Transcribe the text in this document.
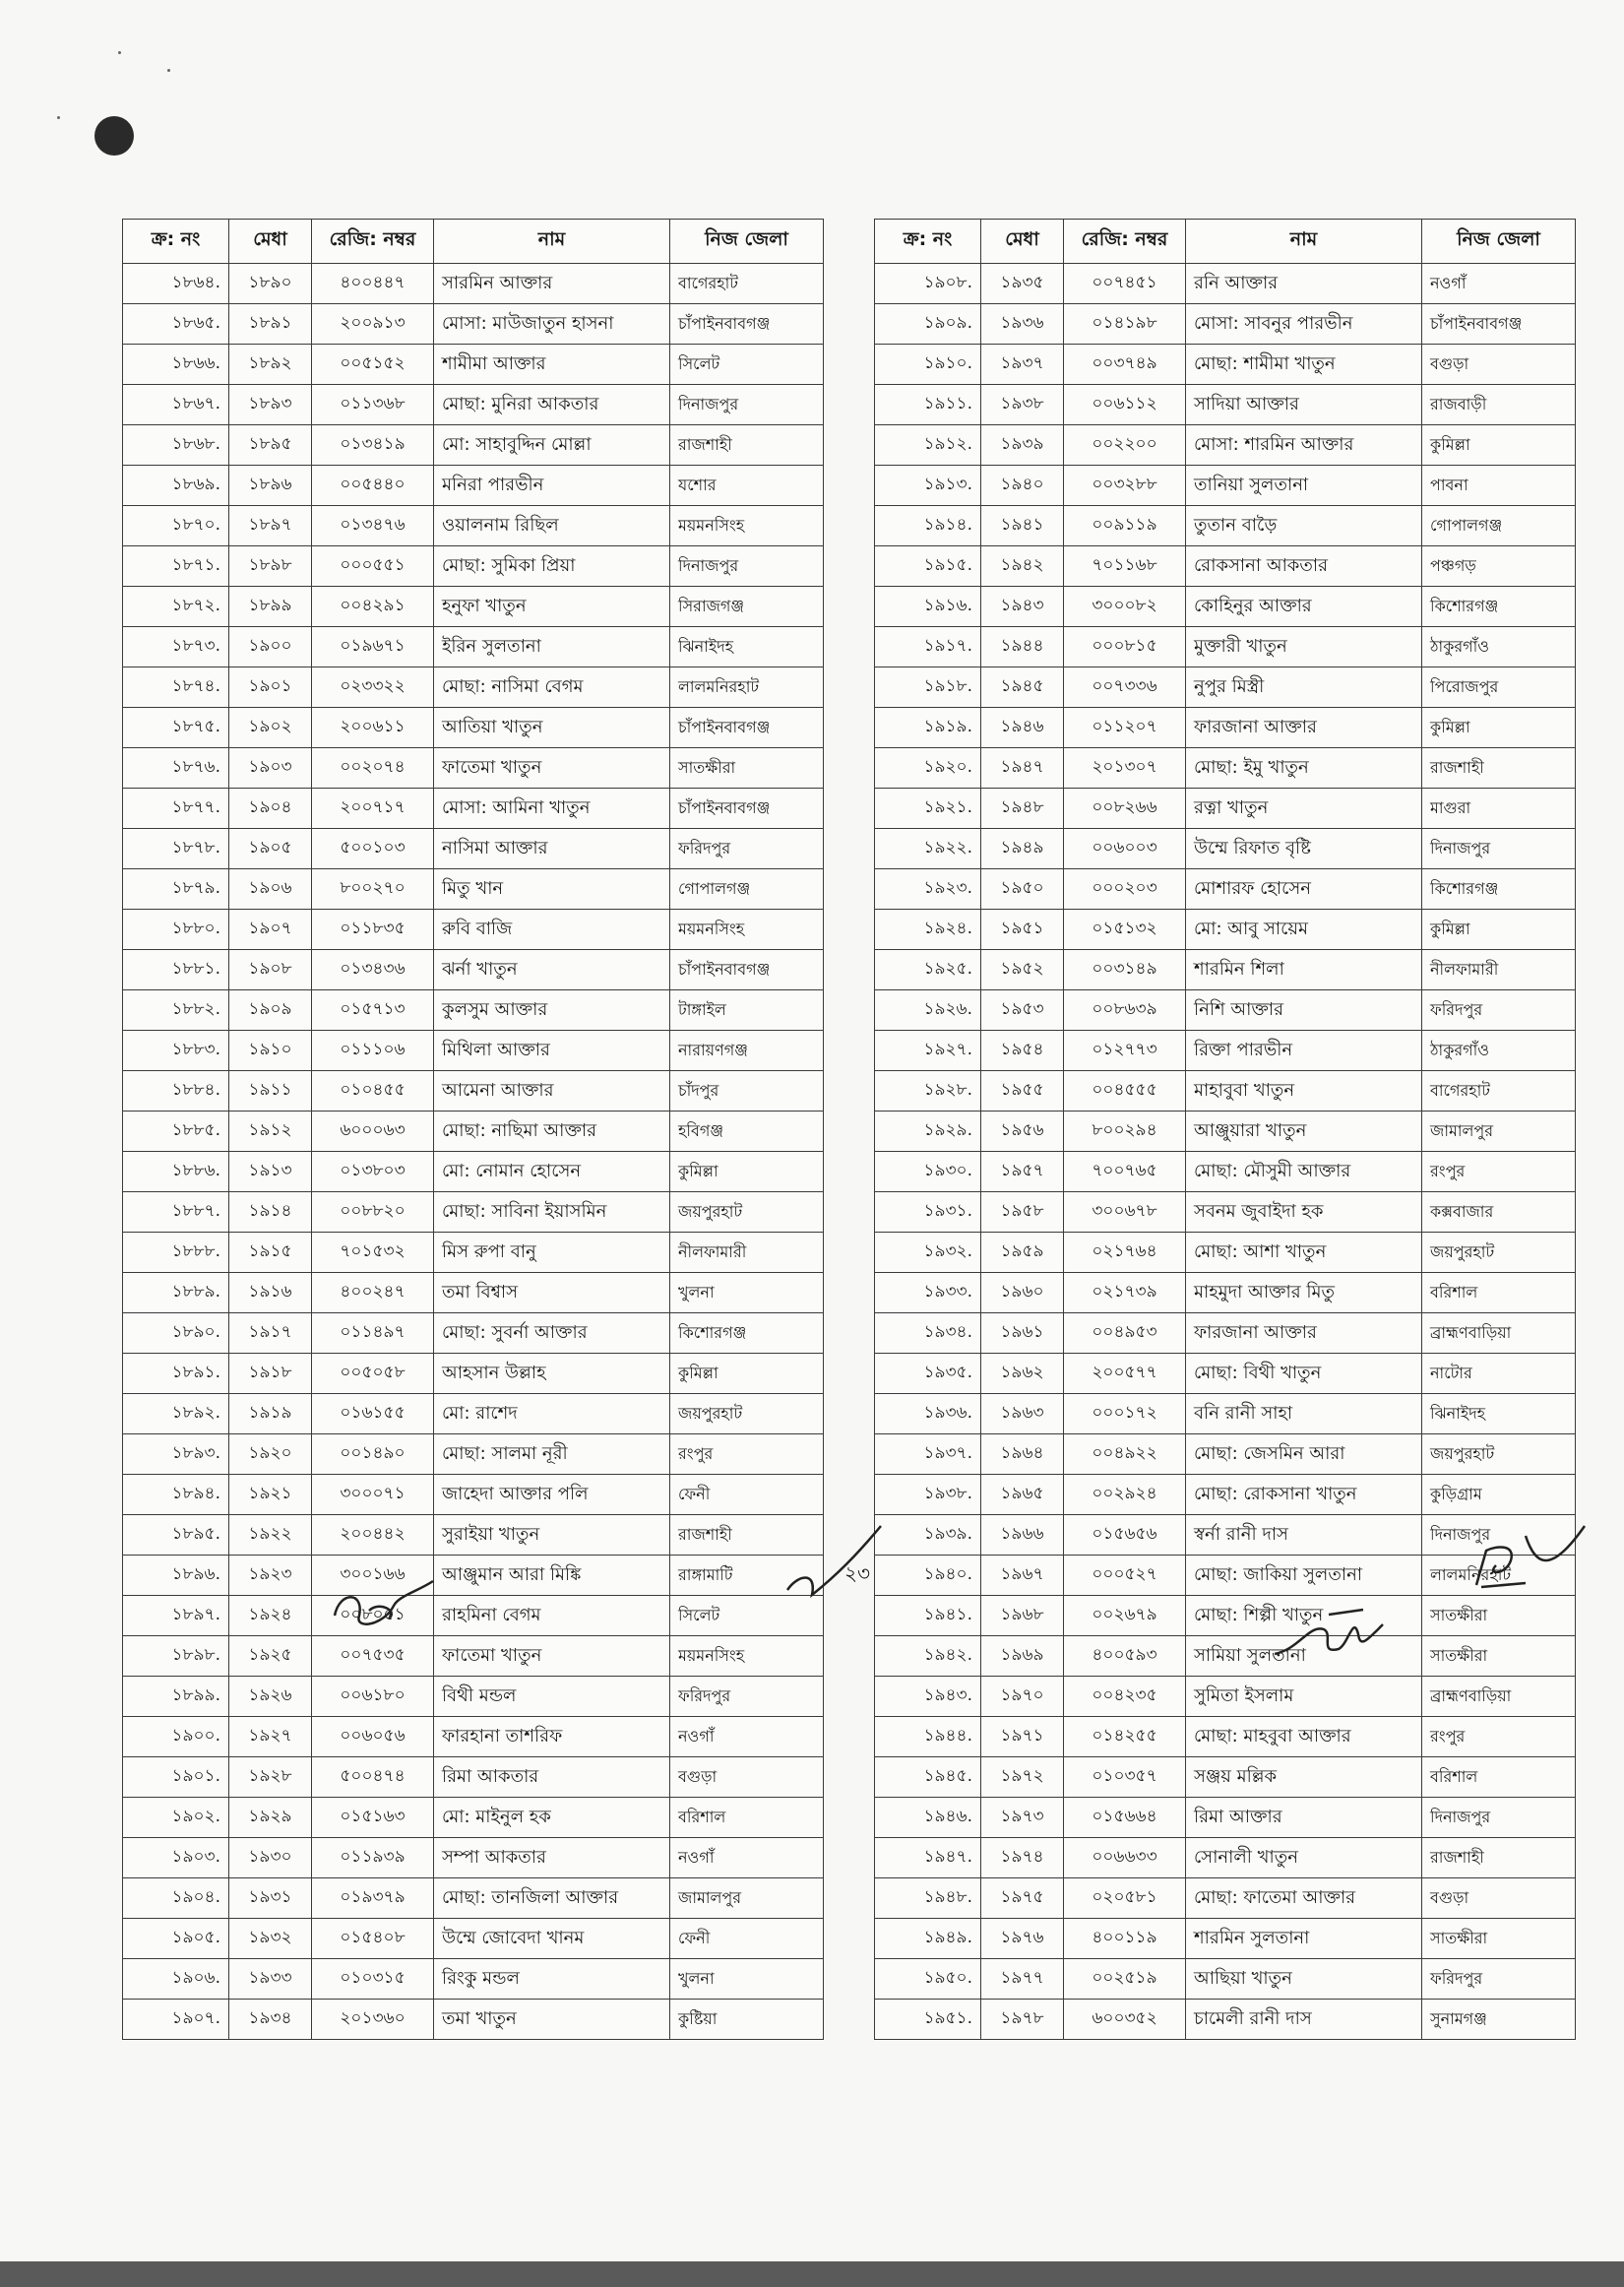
ক্র: নং	মেধা	রেজি: নম্বর	নাম	নিজ জেলা
১৮৬৪.	১৮৯০	৪০০৪৪৭	সারমিন আক্তার	বাগেরহাট
১৮৬৫.	১৮৯১	২০০৯১৩	মোসা: মাউজাতুন হাসনা	চাঁপাইনবাবগঞ্জ
১৮৬৬.	১৮৯২	০০৫১৫২	শামীমা আক্তার	সিলেট
১৮৬৭.	১৮৯৩	০১১৩৬৮	মোছা: মুনিরা আকতার	দিনাজপুর
১৮৬৮.	১৮৯৫	০১৩৪১৯	মো: সাহাবুদ্দিন মোল্লা	রাজশাহী
১৮৬৯.	১৮৯৬	০০৫৪৪০	মনিরা পারভীন	যশোর
১৮৭০.	১৮৯৭	০১৩৪৭৬	ওয়ালনাম রিছিল	ময়মনসিংহ
১৮৭১.	১৮৯৮	০০০৫৫১	মোছা: সুমিকা প্রিয়া	দিনাজপুর
১৮৭২.	১৮৯৯	০০৪২৯১	হনুফা খাতুন	সিরাজগঞ্জ
১৮৭৩.	১৯০০	০১৯৬৭১	ইরিন সুলতানা	ঝিনাইদহ
১৮৭৪.	১৯০১	০২৩৩২২	মোছা: নাসিমা বেগম	লালমনিরহাট
১৮৭৫.	১৯০২	২০০৬১১	আতিয়া খাতুন	চাঁপাইনবাবগঞ্জ
১৮৭৬.	১৯০৩	০০২০৭৪	ফাতেমা খাতুন	সাতক্ষীরা
১৮৭৭.	১৯০৪	২০০৭১৭	মোসা: আমিনা খাতুন	চাঁপাইনবাবগঞ্জ
১৮৭৮.	১৯০৫	৫০০১০৩	নাসিমা আক্তার	ফরিদপুর
১৮৭৯.	১৯০৬	৮০০২৭০	মিতু খান	গোপালগঞ্জ
১৮৮০.	১৯০৭	০১১৮৩৫	রুবি বাজি	ময়মনসিংহ
১৮৮১.	১৯০৮	০১৩৪৩৬	ঝর্না খাতুন	চাঁপাইনবাবগঞ্জ
১৮৮২.	১৯০৯	০১৫৭১৩	কুলসুম আক্তার	টাঙ্গাইল
১৮৮৩.	১৯১০	০১১১০৬	মিথিলা আক্তার	নারায়ণগঞ্জ
১৮৮৪.	১৯১১	০১০৪৫৫	আমেনা আক্তার	চাঁদপুর
১৮৮৫.	১৯১২	৬০০০৬৩	মোছা: নাছিমা আক্তার	হবিগঞ্জ
১৮৮৬.	১৯১৩	০১৩৮০৩	মো: নোমান হোসেন	কুমিল্লা
১৮৮৭.	১৯১৪	০০৮৮২০	মোছা: সাবিনা ইয়াসমিন	জয়পুরহাট
১৮৮৮.	১৯১৫	৭০১৫৩২	মিস রুপা বানু	নীলফামারী
১৮৮৯.	১৯১৬	৪০০২৪৭	তমা বিশ্বাস	খুলনা
১৮৯০.	১৯১৭	০১১৪৯৭	মোছা: সুবর্না আক্তার	কিশোরগঞ্জ
১৮৯১.	১৯১৮	০০৫০৫৮	আহসান উল্লাহ	কুমিল্লা
১৮৯২.	১৯১৯	০১৬১৫৫	মো: রাশেদ	জয়পুরহাট
১৮৯৩.	১৯২০	০০১৪৯০	মোছা: সালমা নূরী	রংপুর
১৮৯৪.	১৯২১	৩০০০৭১	জাহেদা আক্তার পলি	ফেনী
১৮৯৫.	১৯২২	২০০৪৪২	সুরাইয়া খাতুন	রাজশাহী
১৮৯৬.	১৯২৩	৩০০১৬৬	আঞ্জুমান আরা মিঙ্কি	রাঙ্গামাটি
১৮৯৭.	১৯২৪	০০৮০৫১	রাহমিনা বেগম	সিলেট
১৮৯৮.	১৯২৫	০০৭৫৩৫	ফাতেমা খাতুন	ময়মনসিংহ
১৮৯৯.	১৯২৬	০০৬১৮০	বিথী মন্ডল	ফরিদপুর
১৯০০.	১৯২৭	০০৬০৫৬	ফারহানা তাশরিফ	নওগাঁ
১৯০১.	১৯২৮	৫০০৪৭৪	রিমা আকতার	বগুড়া
১৯০২.	১৯২৯	০১৫১৬৩	মো: মাইনুল হক	বরিশাল
১৯০৩.	১৯৩০	০১১৯৩৯	সম্পা আকতার	নওগাঁ
১৯০৪.	১৯৩১	০১৯৩৭৯	মোছা: তানজিলা আক্তার	জামালপুর
১৯০৫.	১৯৩২	০১৫৪০৮	উম্মে জোবেদা খানম	ফেনী
১৯০৬.	১৯৩৩	০১০৩১৫	রিংকু মন্ডল	খুলনা
১৯০৭.	১৯৩৪	২০১৩৬০	তমা খাতুন	কুষ্টিয়া
ক্র: নং	মেধা	রেজি: নম্বর	নাম	নিজ জেলা
১৯০৮.	১৯৩৫	০০৭৪৫১	রনি আক্তার	নওগাঁ
১৯০৯.	১৯৩৬	০১৪১৯৮	মোসা: সাবনুর পারভীন	চাঁপাইনবাবগঞ্জ
১৯১০.	১৯৩৭	০০৩৭৪৯	মোছা: শামীমা খাতুন	বগুড়া
১৯১১.	১৯৩৮	০০৬১১২	সাদিয়া আক্তার	রাজবাড়ী
১৯১২.	১৯৩৯	০০২২০০	মোসা: শারমিন আক্তার	কুমিল্লা
১৯১৩.	১৯৪০	০০৩২৮৮	তানিয়া সুলতানা	পাবনা
১৯১৪.	১৯৪১	০০৯১১৯	তুতান বাড়ৈ	গোপালগঞ্জ
১৯১৫.	১৯৪২	৭০১১৬৮	রোকসানা আকতার	পঞ্চগড়
১৯১৬.	১৯৪৩	৩০০০৮২	কোহিনুর আক্তার	কিশোরগঞ্জ
১৯১৭.	১৯৪৪	০০০৮১৫	মুক্তারী খাতুন	ঠাকুরগাঁও
১৯১৮.	১৯৪৫	০০৭৩৩৬	নুপুর মিস্ত্রী	পিরোজপুর
১৯১৯.	১৯৪৬	০১১২০৭	ফারজানা আক্তার	কুমিল্লা
১৯২০.	১৯৪৭	২০১৩০৭	মোছা: ইমু খাতুন	রাজশাহী
১৯২১.	১৯৪৮	০০৮২৬৬	রত্না খাতুন	মাগুরা
১৯২২.	১৯৪৯	০০৬০০৩	উম্মে রিফাত বৃষ্টি	দিনাজপুর
১৯২৩.	১৯৫০	০০০২০৩	মোশারফ হোসেন	কিশোরগঞ্জ
১৯২৪.	১৯৫১	০১৫১৩২	মো: আবু সায়েম	কুমিল্লা
১৯২৫.	১৯৫২	০০৩১৪৯	শারমিন শিলা	নীলফামারী
১৯২৬.	১৯৫৩	০০৮৬৩৯	নিশি আক্তার	ফরিদপুর
১৯২৭.	১৯৫৪	০১২৭৭৩	রিক্তা পারভীন	ঠাকুরগাঁও
১৯২৮.	১৯৫৫	০০৪৫৫৫	মাহাবুবা খাতুন	বাগেরহাট
১৯২৯.	১৯৫৬	৮০০২৯৪	আঞ্জুয়ারা খাতুন	জামালপুর
১৯৩০.	১৯৫৭	৭০০৭৬৫	মোছা: মৌসুমী আক্তার	রংপুর
১৯৩১.	১৯৫৮	৩০০৬৭৮	সবনম জুবাইদা হক	কক্সবাজার
১৯৩২.	১৯৫৯	০২১৭৬৪	মোছা: আশা খাতুন	জয়পুরহাট
১৯৩৩.	১৯৬০	০২১৭৩৯	মাহমুদা আক্তার মিতু	বরিশাল
১৯৩৪.	১৯৬১	০০৪৯৫৩	ফারজানা আক্তার	ব্রাহ্মণবাড়িয়া
১৯৩৫.	১৯৬২	২০০৫৭৭	মোছা: বিথী খাতুন	নাটোর
১৯৩৬.	১৯৬৩	০০০১৭২	বনি রানী সাহা	ঝিনাইদহ
১৯৩৭.	১৯৬৪	০০৪৯২২	মোছা: জেসমিন আরা	জয়পুরহাট
১৯৩৮.	১৯৬৫	০০২৯২৪	মোছা: রোকসানা খাতুন	কুড়িগ্রাম
১৯৩৯.	১৯৬৬	০১৫৬৫৬	স্বর্না রানী দাস	দিনাজপুর
১৯৪০.	১৯৬৭	০০০৫২৭	মোছা: জাকিয়া সুলতানা	লালমনিরহাট
১৯৪১.	১৯৬৮	০০২৬৭৯	মোছা: শিল্পী খাতুন	সাতক্ষীরা
১৯৪২.	১৯৬৯	৪০০৫৯৩	সামিয়া সুলতানা	সাতক্ষীরা
১৯৪৩.	১৯৭০	০০৪২৩৫	সুমিতা ইসলাম	ব্রাহ্মণবাড়িয়া
১৯৪৪.	১৯৭১	০১৪২৫৫	মোছা: মাহবুবা আক্তার	রংপুর
১৯৪৫.	১৯৭২	০১০৩৫৭	সঞ্জয় মল্লিক	বরিশাল
১৯৪৬.	১৯৭৩	০১৫৬৬৪	রিমা আক্তার	দিনাজপুর
১৯৪৭.	১৯৭৪	০০৬৬৩৩	সোনালী খাতুন	রাজশাহী
১৯৪৮.	১৯৭৫	০২০৫৮১	মোছা: ফাতেমা আক্তার	বগুড়া
১৯৪৯.	১৯৭৬	৪০০১১৯	শারমিন সুলতানা	সাতক্ষীরা
১৯৫০.	১৯৭৭	০০২৫১৯	আছিয়া খাতুন	ফরিদপুর
১৯৫১.	১৯৭৮	৬০০৩৫২	চামেলী রানী দাস	সুনামগঞ্জ
২৩
